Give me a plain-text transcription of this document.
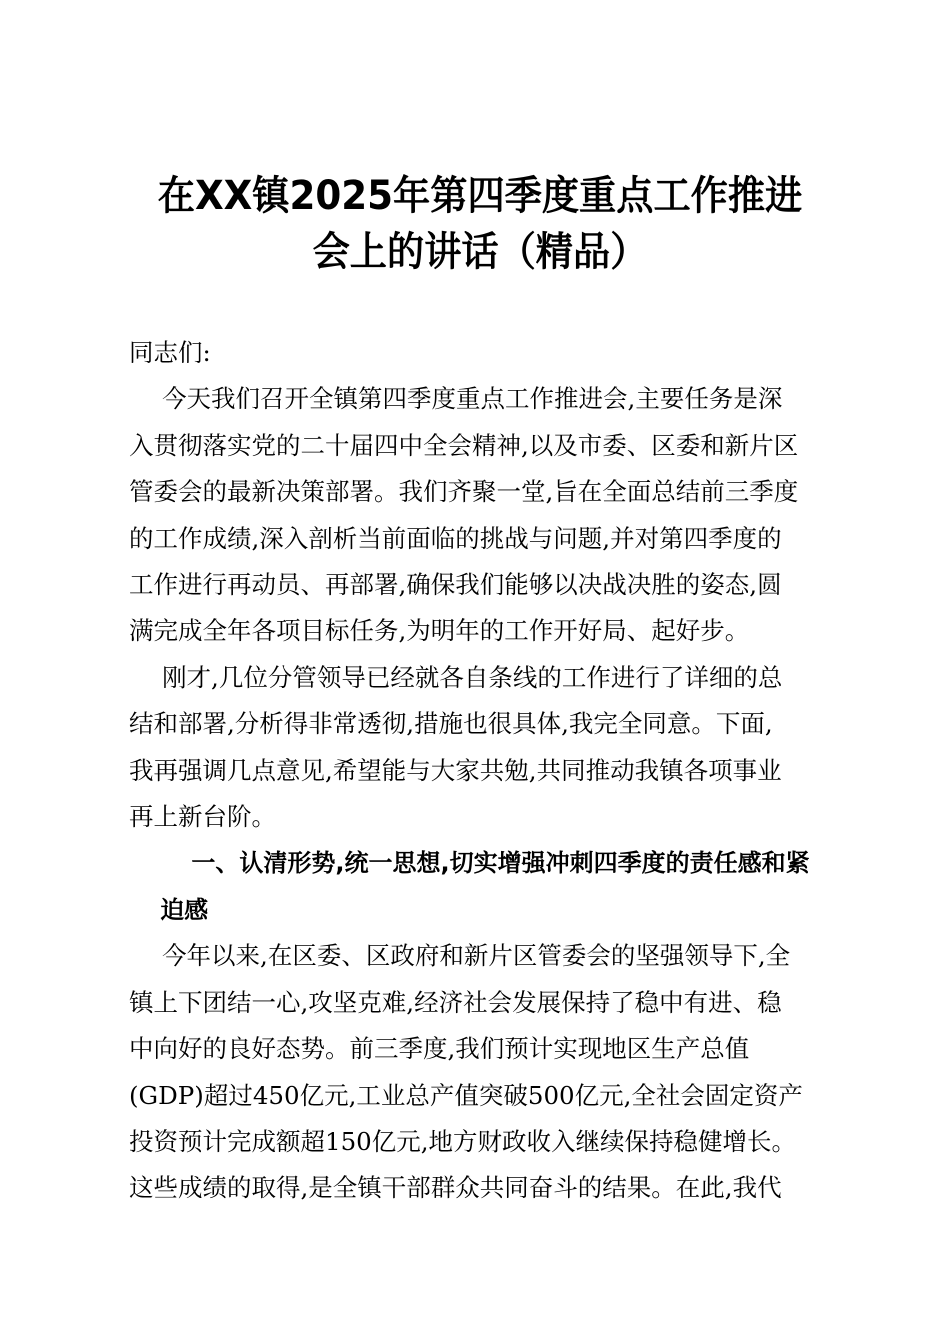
在XX镇2025年第四季度重点工作推进
会上的讲话（精品）

同志们:

今天我们召开全镇第四季度重点工作推进会,主要任务是深
入贯彻落实党的二十届四中全会精神,以及市委、区委和新片区
管委会的最新决策部署。我们齐聚一堂,旨在全面总结前三季度
的工作成绩,深入剖析当前面临的挑战与问题,并对第四季度的
工作进行再动员、再部署,确保我们能够以决战决胜的姿态,圆
满完成全年各项目标任务,为明年的工作开好局、起好步。
刚才,几位分管领导已经就各自条线的工作进行了详细的总
结和部署,分析得非常透彻,措施也很具体,我完全同意。下面,
我再强调几点意见,希望能与大家共勉,共同推动我镇各项事业
再上新台阶。
一、认清形势,统一思想,切实增强冲刺四季度的责任感和紧
迫感
今年以来,在区委、区政府和新片区管委会的坚强领导下,全
镇上下团结一心,攻坚克难,经济社会发展保持了稳中有进、稳
中向好的良好态势。前三季度,我们预计实现地区生产总值
(GDP)超过450亿元,工业总产值突破500亿元,全社会固定资产
投资预计完成额超150亿元,地方财政收入继续保持稳健增长。
这些成绩的取得,是全镇干部群众共同奋斗的结果。在此,我代
